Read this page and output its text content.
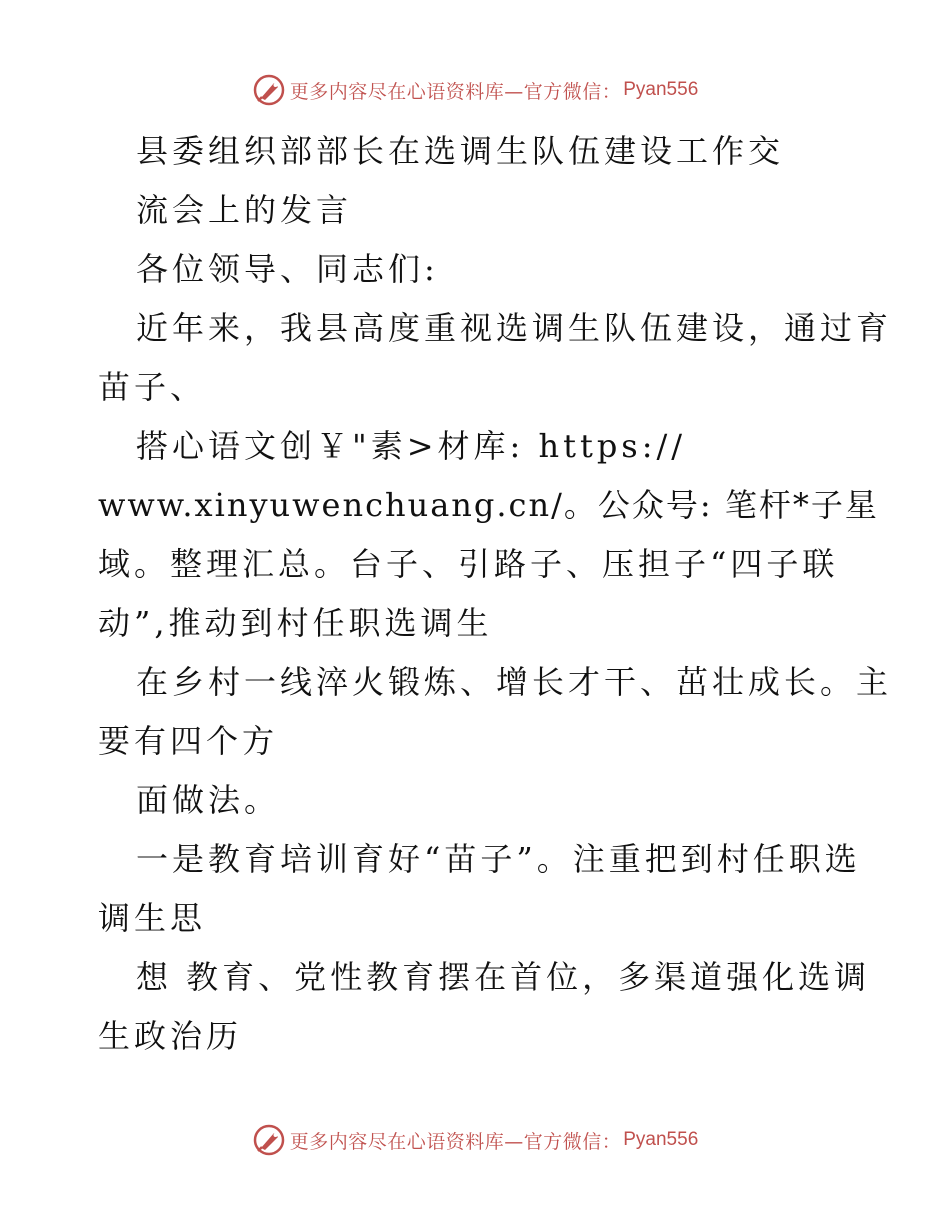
更多内容尽在心语资料库—官方微信： Pyan556
县委组织部部长在选调生队伍建设工作交
流会上的发言
各位领导、同志们:
近年来，我县高度重视选调生队伍建设，通过育
苗子、
搭心语文创￥"素>材库: https://
www.xinyuwenchuang.cn/。公众号: 笔杆*子星
域。整理汇总。台子、引路子、压担子“四子联
动”,推动到村任职选调生
在乡村一线淬火锻炼、增长才干、茁壮成长。主
要有四个方
面做法。
一是教育培训育好“苗子”。注重把到村任职选
调生思
想 教育、党性教育摆在首位，多渠道强化选调
生政治历
更多内容尽在心语资料库—官方微信： Pyan556
